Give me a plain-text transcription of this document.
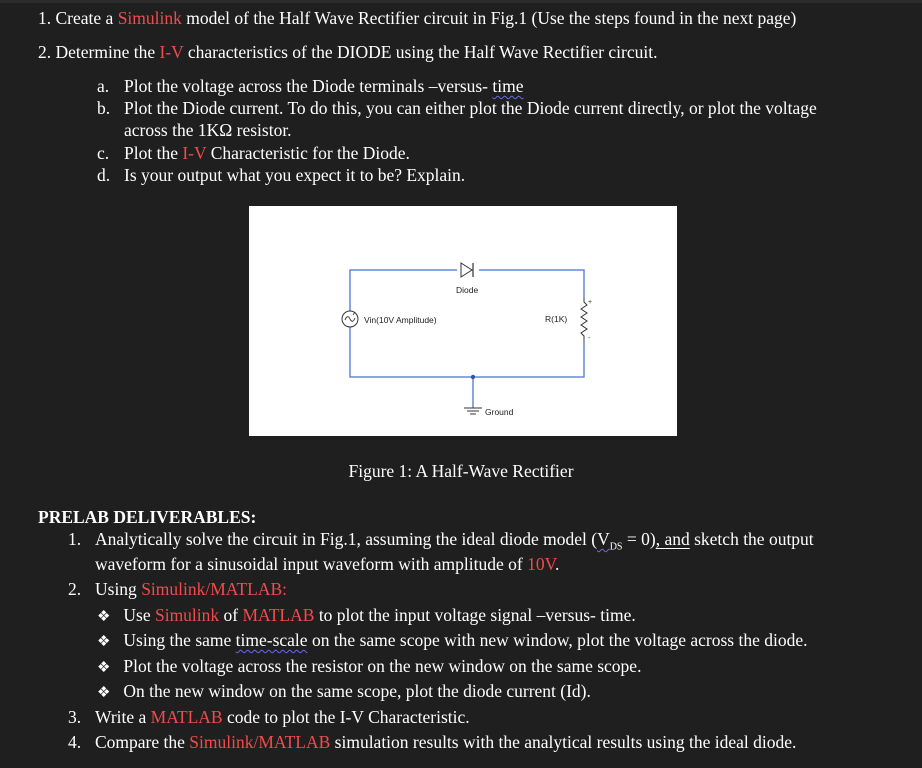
1. Create a Simulink model of the Half Wave Rectifier circuit in Fig.1 (Use the steps found in the next page)
2. Determine the I-V characteristics of the DIODE using the Half Wave Rectifier circuit.
a. Plot the voltage across the Diode terminals –versus- time
b. Plot the Diode current. To do this, you can either plot the Diode current directly, or plot the voltage
across the 1KΩ resistor.
c. Plot the I-V Characteristic for the Diode.
d. Is your output what you expect it to be? Explain.
Ground
Diode
Vin(10V Amplitude)
+
-
R(1K)
Figure 1: A Half-Wave Rectifier
PRELAB DELIVERABLES:
1. Analytically solve the circuit in Fig.1, assuming the ideal diode model $(V_{DS} = 0)$, and sketch the output
waveform for a sinusoidal input waveform with amplitude of 10V.
2. Using Simulink/MATLAB:
❖ Use Simulink of MATLAB to plot the input voltage signal –versus- time.
❖ Using the same time-scale on the same scope with new window, plot the voltage across the diode.
❖ Plot the voltage across the resistor on the new window on the same scope.
❖ On the new window on the same scope, plot the diode current (Id).
3. Write a MATLAB code to plot the I-V Characteristic.
4. Compare the Simulink/MATLAB simulation results with the analytical results using the ideal diode.
